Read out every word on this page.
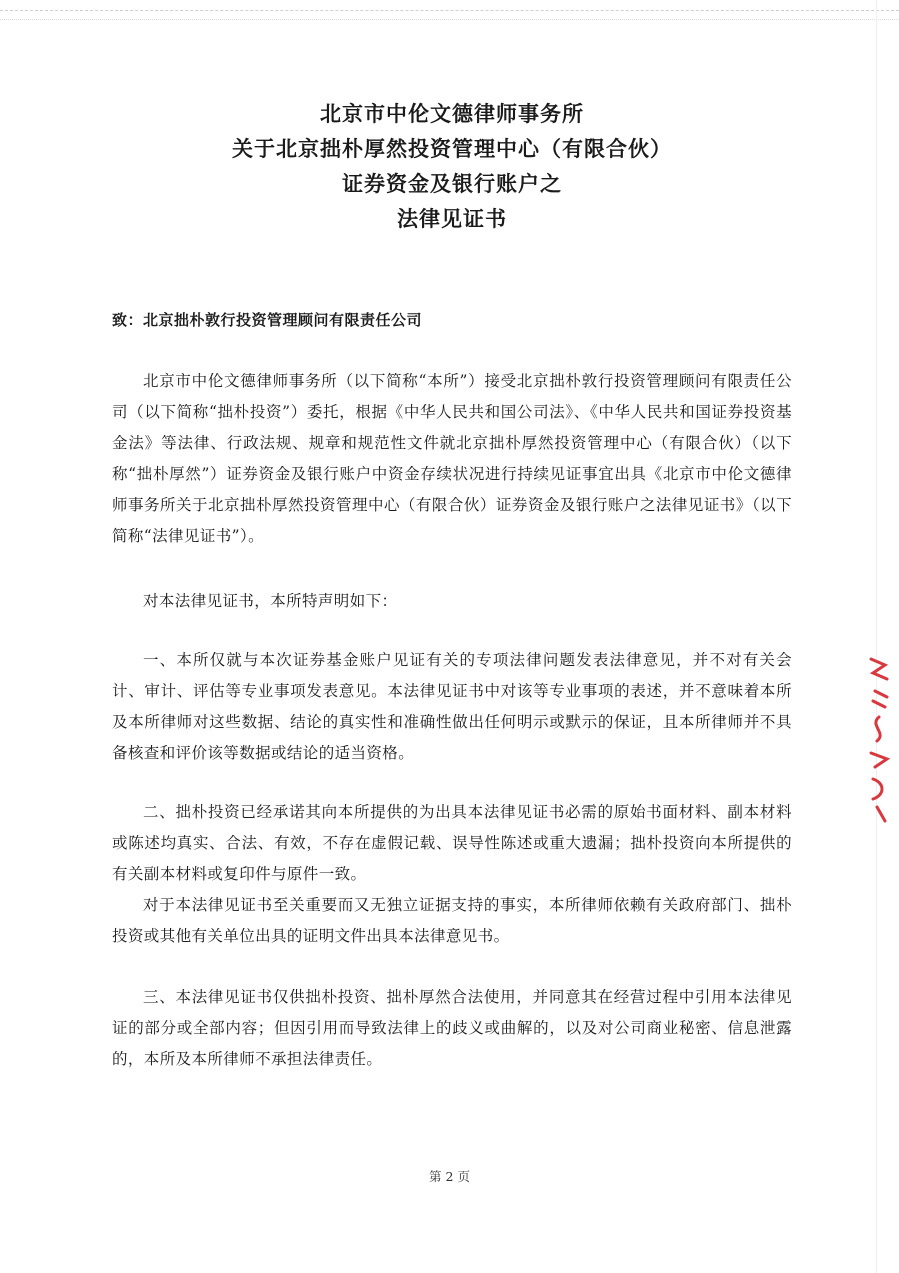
北京市中伦文德律师事务所
关于北京拙朴厚然投资管理中心（有限合伙）
证券资金及银行账户之
法律见证书
致：北京拙朴敦行投资管理顾问有限责任公司

北京市中伦文德律师事务所（以下简称“本所”）接受北京拙朴敦行投资管理顾问有限责任公司（以下简称“拙朴投资”）委托，根据《中华人民共和国公司法》、《中华人民共和国证券投资基金法》等法律、行政法规、规章和规范性文件就北京拙朴厚然投资管理中心（有限合伙）（以下称“拙朴厚然”）证券资金及银行账户中资金存续状况进行持续见证事宜出具《北京市中伦文德律师事务所关于北京拙朴厚然投资管理中心（有限合伙）证券资金及银行账户之法律见证书》（以下简称“法律见证书”）。

对本法律见证书，本所特声明如下：

一、本所仅就与本次证券基金账户见证有关的专项法律问题发表法律意见，并不对有关会计、审计、评估等专业事项发表意见。本法律见证书中对该等专业事项的表述，并不意味着本所及本所律师对这些数据、结论的真实性和准确性做出任何明示或默示的保证，且本所律师并不具备核查和评价该等数据或结论的适当资格。

二、拙朴投资已经承诺其向本所提供的为出具本法律见证书必需的原始书面材料、副本材料或陈述均真实、合法、有效，不存在虚假记载、误导性陈述或重大遗漏；拙朴投资向本所提供的有关副本材料或复印件与原件一致。

对于本法律见证书至关重要而又无独立证据支持的事实，本所律师依赖有关政府部门、拙朴投资或其他有关单位出具的证明文件出具本法律意见书。

三、本法律见证书仅供拙朴投资、拙朴厚然合法使用，并同意其在经营过程中引用本法律见证的部分或全部内容；但因引用而导致法律上的歧义或曲解的，以及对公司商业秘密、信息泄露的，本所及本所律师不承担法律责任。

第 2 页
